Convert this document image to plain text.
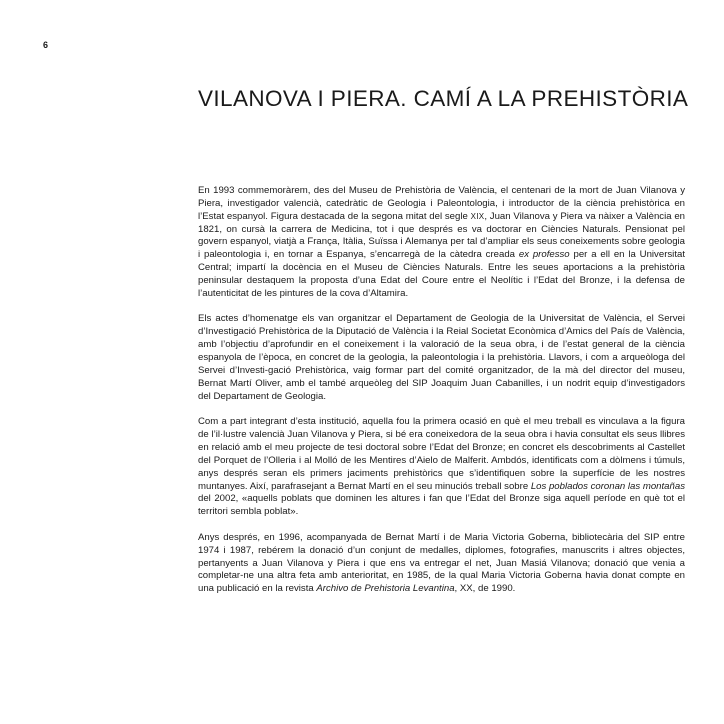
6
VILANOVA I PIERA. CAMÍ A LA PREHISTÒRIA

En 1993 commemoràrem, des del Museu de Prehistòria de València, el centenari de la mort de Juan Vilanova y Piera, investigador valencià, catedràtic de Geologia i Paleontologia, i introductor de la ciència prehistòrica en l’Estat espanyol. Figura destacada de la segona mitat del segle XIX, Juan Vilanova y Piera va nàixer a València en 1821, on cursà la carrera de Medicina, tot i que després es va doctorar en Ciències Naturals. Pensionat pel govern espanyol, viatjà a França, Itàlia, Suïssa i Alemanya per tal d’ampliar els seus coneixements sobre geologia i paleontologia i, en tornar a Espanya, s’encarregà de la càtedra creada ex professo per a ell en la Universitat Central; impartí la docència en el Museu de Ciències Naturals. Entre les seues aportacions a la prehistòria peninsular destaquem la proposta d’una Edat del Coure entre el Neolític i l’Edat del Bronze, i la defensa de l’autenticitat de les pintures de la cova d’Altamira.

Els actes d’homenatge els van organitzar el Departament de Geologia de la Universitat de València, el Servei d’Investigació Prehistòrica de la Diputació de València i la Reial Societat Econòmica d’Amics del País de València, amb l’objectiu d’aprofundir en el coneixement i la valoració de la seua obra, i de l’estat general de la ciència espanyola de l’època, en concret de la geologia, la paleontologia i la prehistòria. Llavors, i com a arqueòloga del Servei d’Investi-gació Prehistòrica, vaig formar part del comité organitzador, de la mà del director del museu, Bernat Martí Oliver, amb el també arqueòleg del SIP Joaquim Juan Cabanilles, i un nodrit equip d’investigadors del Departament de Geologia.

Com a part integrant d’esta institució, aquella fou la primera ocasió en què el meu treball es vinculava a la figura de l’il·lustre valencià Juan Vilanova y Piera, si bé era coneixedora de la seua obra i havia consultat els seus llibres en relació amb el meu projecte de tesi doctoral sobre l’Edat del Bronze; en concret els descobriments al Castellet del Porquet de l’Olleria i al Molló de les Mentires d’Aielo de Malferit. Ambdós, identificats com a dòlmens i túmuls, anys després seran els primers jaciments prehistòrics que s’identifiquen sobre la superfície de les nostres muntanyes. Així, parafrasejant a Bernat Martí en el seu minuciós treball sobre Los poblados coronan las montañas del 2002, «aquells poblats que dominen les altures i fan que l’Edat del Bronze siga aquell període en què tot el territori sembla poblat».

Anys després, en 1996, acompanyada de Bernat Martí i de Maria Victoria Goberna, bibliotecària del SIP entre 1974 i 1987, rebérem la donació d’un conjunt de medalles, diplomes, fotografies, manuscrits i altres objectes, pertanyents a Juan Vilanova y Piera i que ens va entregar el net, Juan Masiá Vilanova; donació que venia a completar-ne una altra feta amb anterioritat, en 1985, de la qual Maria Victoria Goberna havia donat compte en una publicació en la revista Archivo de Prehistoria Levantina, XX, de 1990.
